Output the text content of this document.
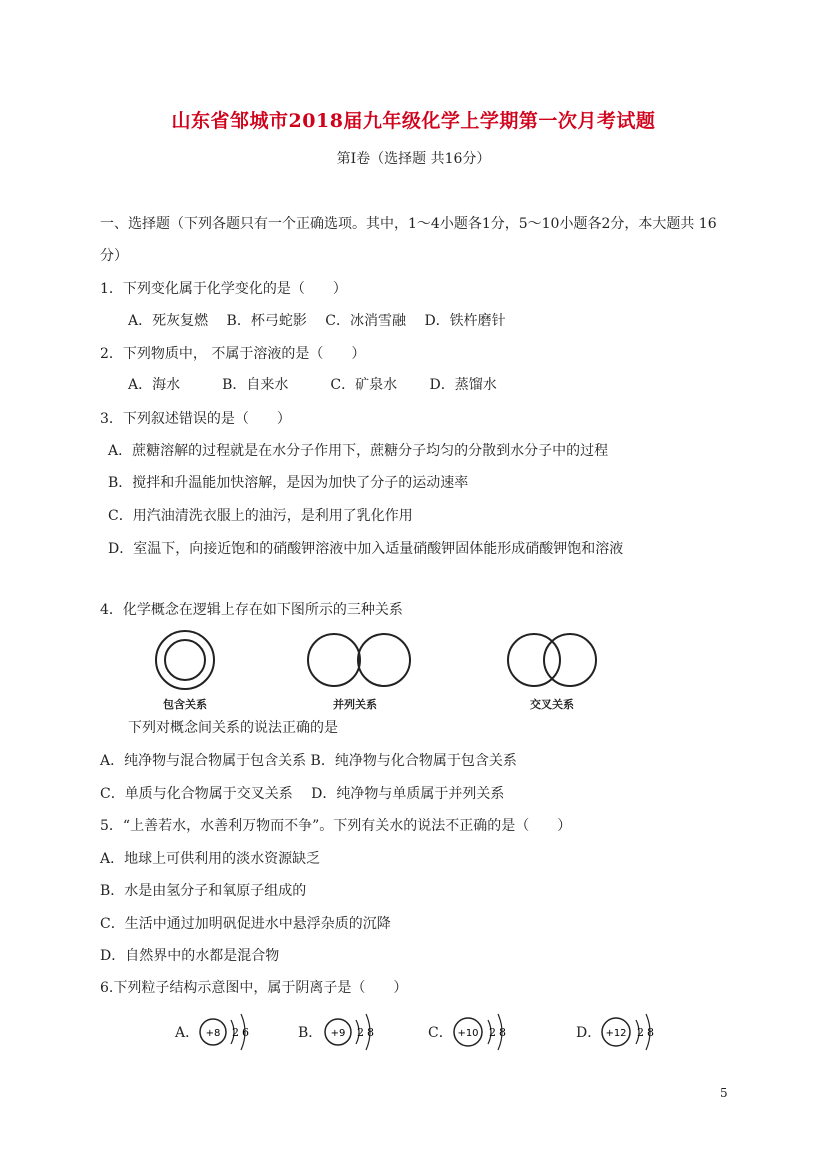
山东省邹城市2018届九年级化学上学期第一次月考试题
第Ⅰ卷（选择题 共16分）
一、选择题（下列各题只有一个正确选项。其中，1～4小题各1分，5～10小题各2分，本大题共 16
分）
1．下列变化属于化学变化的是（　　）
A．死灰复燃　 B．杯弓蛇影　 C．冰消雪融　 D．铁杵磨针
2．下列物质中， 不属于溶液的是（　　）
A．海水　　　B．自来水　　　C．矿泉水　　 D．蒸馏水
3．下列叙述错误的是（　　）
A．蔗糖溶解的过程就是在水分子作用下，蔗糖分子均匀的分散到水分子中的过程
B．搅拌和升温能加快溶解，是因为加快了分子的运动速率
C．用汽油清洗衣服上的油污，是利用了乳化作用
D．室温下，向接近饱和的硝酸钾溶液中加入适量硝酸钾固体能形成硝酸钾饱和溶液
4．化学概念在逻辑上存在如下图所示的三种关系
包含关系	并列关系	交叉关系
下列对概念间关系的说法正确的是
A．纯净物与混合物属于包含关系 B．纯净物与化合物属于包含关系
C．单质与化合物属于交叉关系　 D．纯净物与单质属于并列关系
5．“上善若水，水善利万物而不争”。下列有关水的说法不正确的是（　　）
A．地球上可供利用的淡水资源缺乏
B．水是由氢分子和氧原子组成的
C．生活中通过加明矾促进水中悬浮杂质的沉降
D．自然界中的水都是混合物
6.下列粒子结构示意图中，属于阴离子是（　　）
A． +8 2 6	B． +9 2 8	C． +10 2 8	D． +12 2 8
5
